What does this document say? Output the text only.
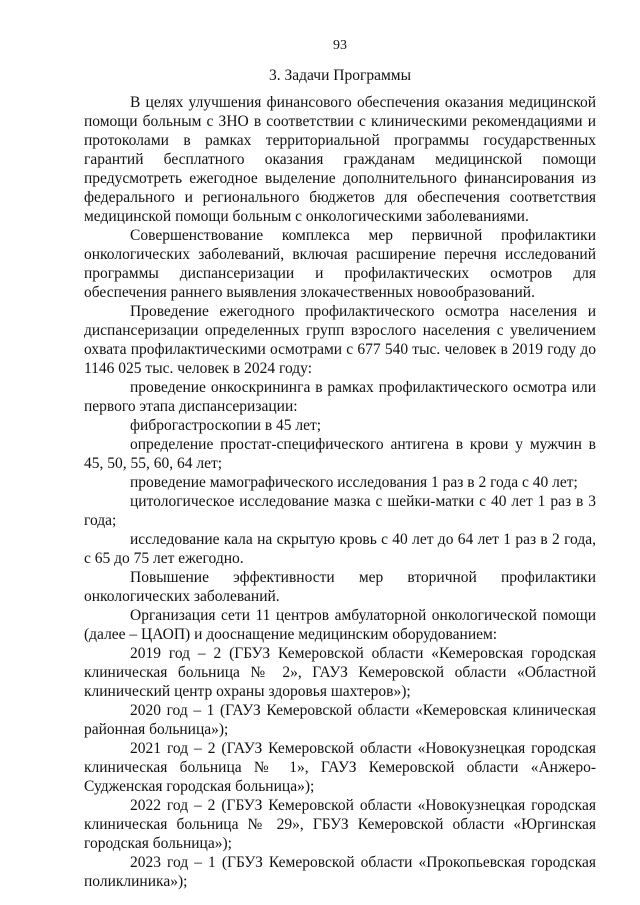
93
3. Задачи Программы

В целях улучшения финансового обеспечения оказания медицинской помощи больным с ЗНО в соответствии с клиническими рекомендациями и протоколами в рамках территориальной программы государственных гарантий бесплатного оказания гражданам медицинской помощи предусмотреть ежегодное выделение дополнительного финансирования из федерального и регионального бюджетов для обеспечения соответствия медицинской помощи больным с онкологическими заболеваниями.

Совершенствование комплекса мер первичной профилактики онкологических заболеваний, включая расширение перечня исследований программы диспансеризации и профилактических осмотров для обеспечения раннего выявления злокачественных новообразований.

Проведение ежегодного профилактического осмотра населения и диспансеризации определенных групп взрослого населения с увеличением охвата профилактическими осмотрами с 677 540 тыс. человек в 2019 году до 1146 025 тыс. человек в 2024 году:

проведение онкоскрининга в рамках профилактического осмотра или первого этапа диспансеризации:

фиброгастроскопии в 45 лет;

определение простат-специфического антигена в крови у мужчин в 45, 50, 55, 60, 64 лет;

проведение мамографического исследования 1 раз в 2 года с 40 лет;

цитологическое исследование мазка с шейки-матки с 40 лет 1 раз в 3 года;

исследование кала на скрытую кровь с 40 лет до 64 лет 1 раз в 2 года, с 65 до 75 лет ежегодно.

Повышение эффективности мер вторичной профилактики онкологических заболеваний.

Организация сети 11 центров амбулаторной онкологической помощи (далее – ЦАОП) и дооснащение медицинским оборудованием:

2019 год – 2 (ГБУЗ Кемеровской области «Кемеровская городская клиническая больница № 2», ГАУЗ Кемеровской области «Областной клинический центр охраны здоровья шахтеров»);

2020 год – 1 (ГАУЗ Кемеровской области «Кемеровская клиническая районная больница»);

2021 год – 2 (ГАУЗ Кемеровской области «Новокузнецкая городская клиническая больница № 1», ГАУЗ Кемеровской области «Анжеро-Судженская городская больница»);

2022 год – 2 (ГБУЗ Кемеровской области «Новокузнецкая городская клиническая больница № 29», ГБУЗ Кемеровской области «Юргинская городская больница»);

2023 год – 1 (ГБУЗ Кемеровской области «Прокопьевская городская поликлиника»);
